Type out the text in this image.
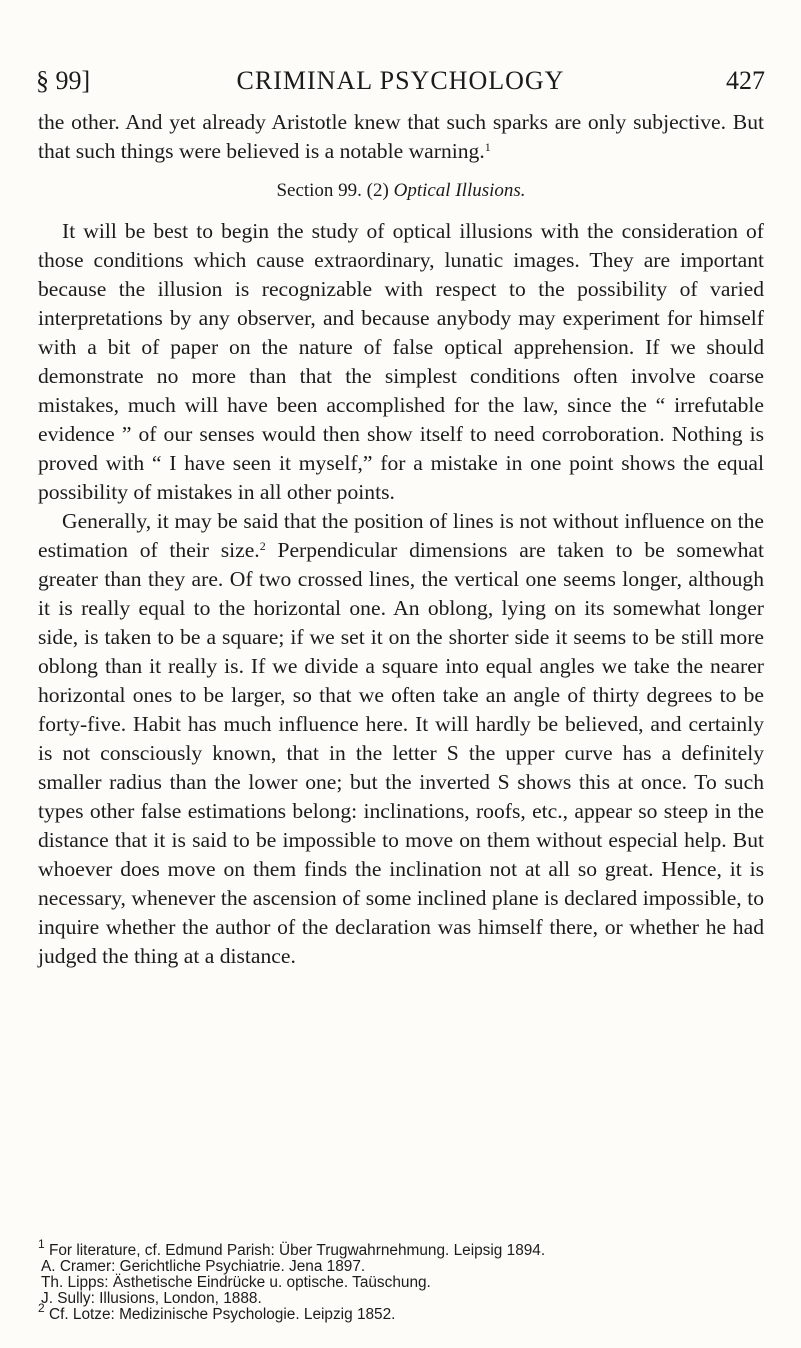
§ 99]	CRIMINAL PSYCHOLOGY	427

the other. And yet already Aristotle knew that such sparks are only subjective. But that such things were believed is a notable warning.$^1$

Section 99. (2) Optical Illusions.

It will be best to begin the study of optical illusions with the consideration of those conditions which cause extraordinary, lunatic images. They are important because the illusion is recognizable with respect to the possibility of varied interpretations by any observer, and because anybody may experiment for himself with a bit of paper on the nature of false optical apprehension. If we should demonstrate no more than that the simplest conditions often involve coarse mistakes, much will have been accomplished for the law, since the “ irrefutable evidence ” of our senses would then show itself to need corroboration. Nothing is proved with “ I have seen it myself,” for a mistake in one point shows the equal possibility of mistakes in all other points.

Generally, it may be said that the position of lines is not without influence on the estimation of their size.$^2$ Perpendicular dimensions are taken to be somewhat greater than they are. Of two crossed lines, the vertical one seems longer, although it is really equal to the horizontal one. An oblong, lying on its somewhat longer side, is taken to be a square; if we set it on the shorter side it seems to be still more oblong than it really is. If we divide a square into equal angles we take the nearer horizontal ones to be larger, so that we often take an angle of thirty degrees to be forty-five. Habit has much influence here. It will hardly be believed, and certainly is not consciously known, that in the letter S the upper curve has a definitely smaller radius than the lower one; but the inverted S shows this at once. To such types other false estimations belong: inclinations, roofs, etc., appear so steep in the distance that it is said to be impossible to move on them without especial help. But whoever does move on them finds the inclination not at all so great. Hence, it is necessary, whenever the ascension of some inclined plane is declared impossible, to inquire whether the author of the declaration was himself there, or whether he had judged the thing at a distance.

$^1$ For literature, cf. Edmund Parish: Über Trugwahrnehmung. Leipsig 1894.
A. Cramer: Gerichtliche Psychiatrie. Jena 1897.
Th. Lipps: Ästhetische Eindrücke u. optische. Taüschung.
J. Sully: Illusions, London, 1888.
$^2$ Cf. Lotze: Medizinische Psychologie. Leipzig 1852.
